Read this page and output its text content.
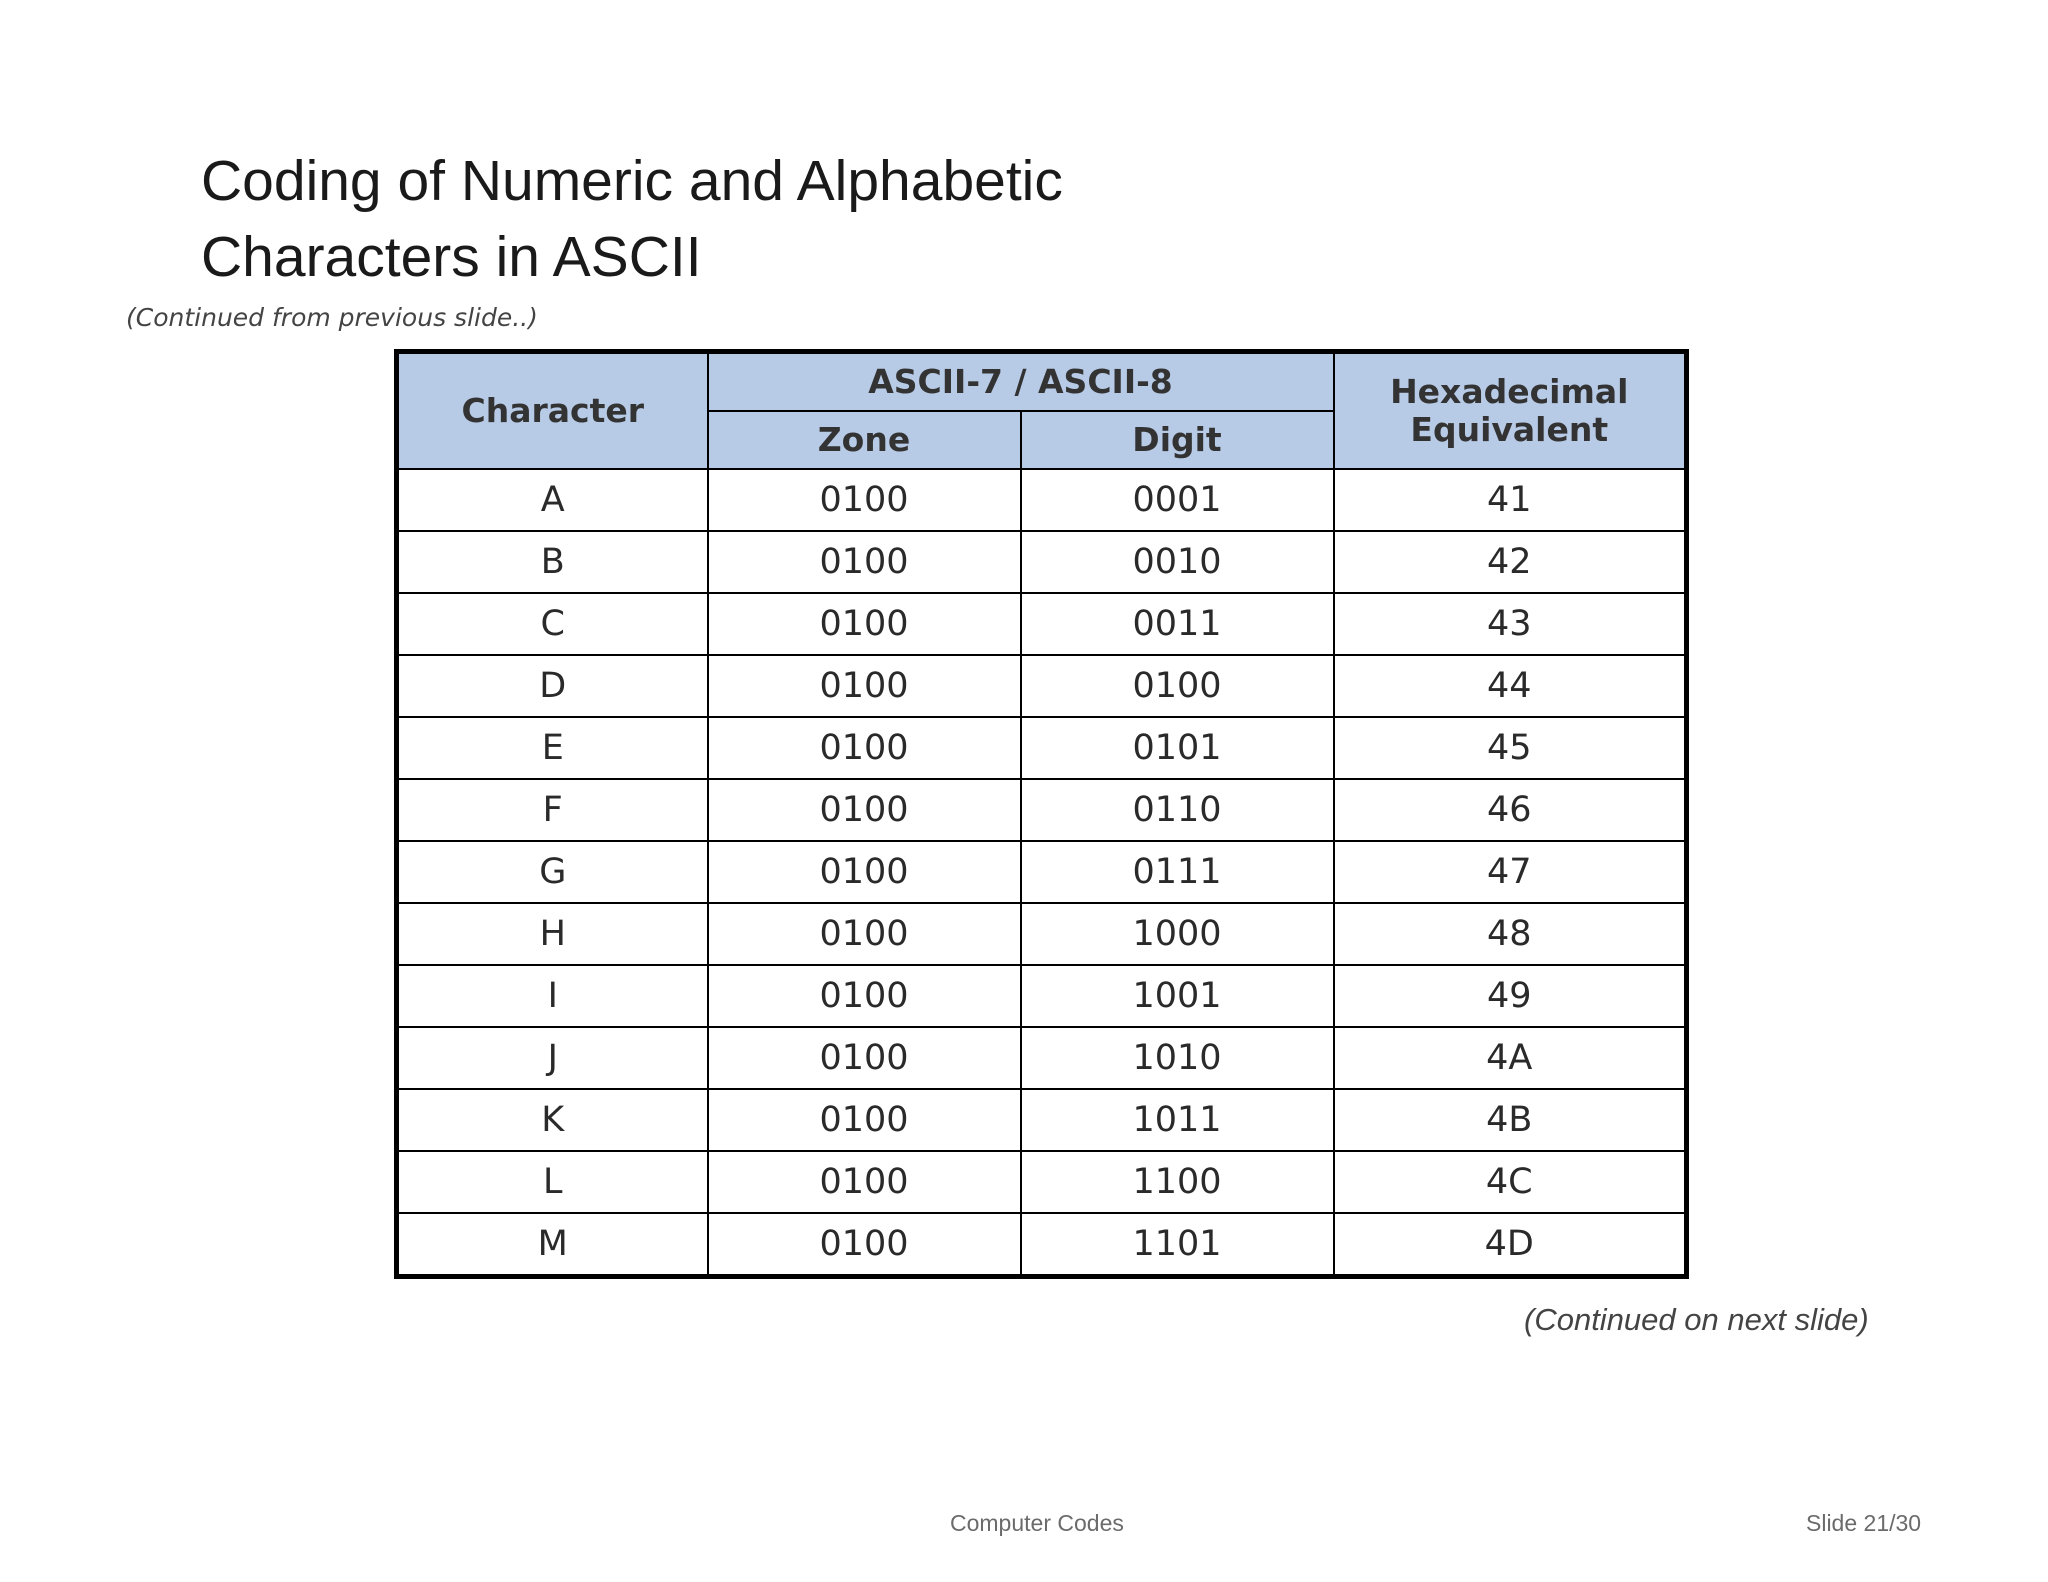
Coding of Numeric and Alphabetic
Characters in ASCII
(Continued from previous slide..)
Character	ASCII-7 / ASCII-8		Hexadecimal
Equivalent
	Zone	Digit	
A	0100	0001	41
B	0100	0010	42
C	0100	0011	43
D	0100	0100	44
E	0100	0101	45
F	0100	0110	46
G	0100	0111	47
H	0100	1000	48
I	0100	1001	49
J	0100	1010	4A
K	0100	1011	4B
L	0100	1100	4C
M	0100	1101	4D
(Continued on next slide)
Computer Codes	Slide 21/30
